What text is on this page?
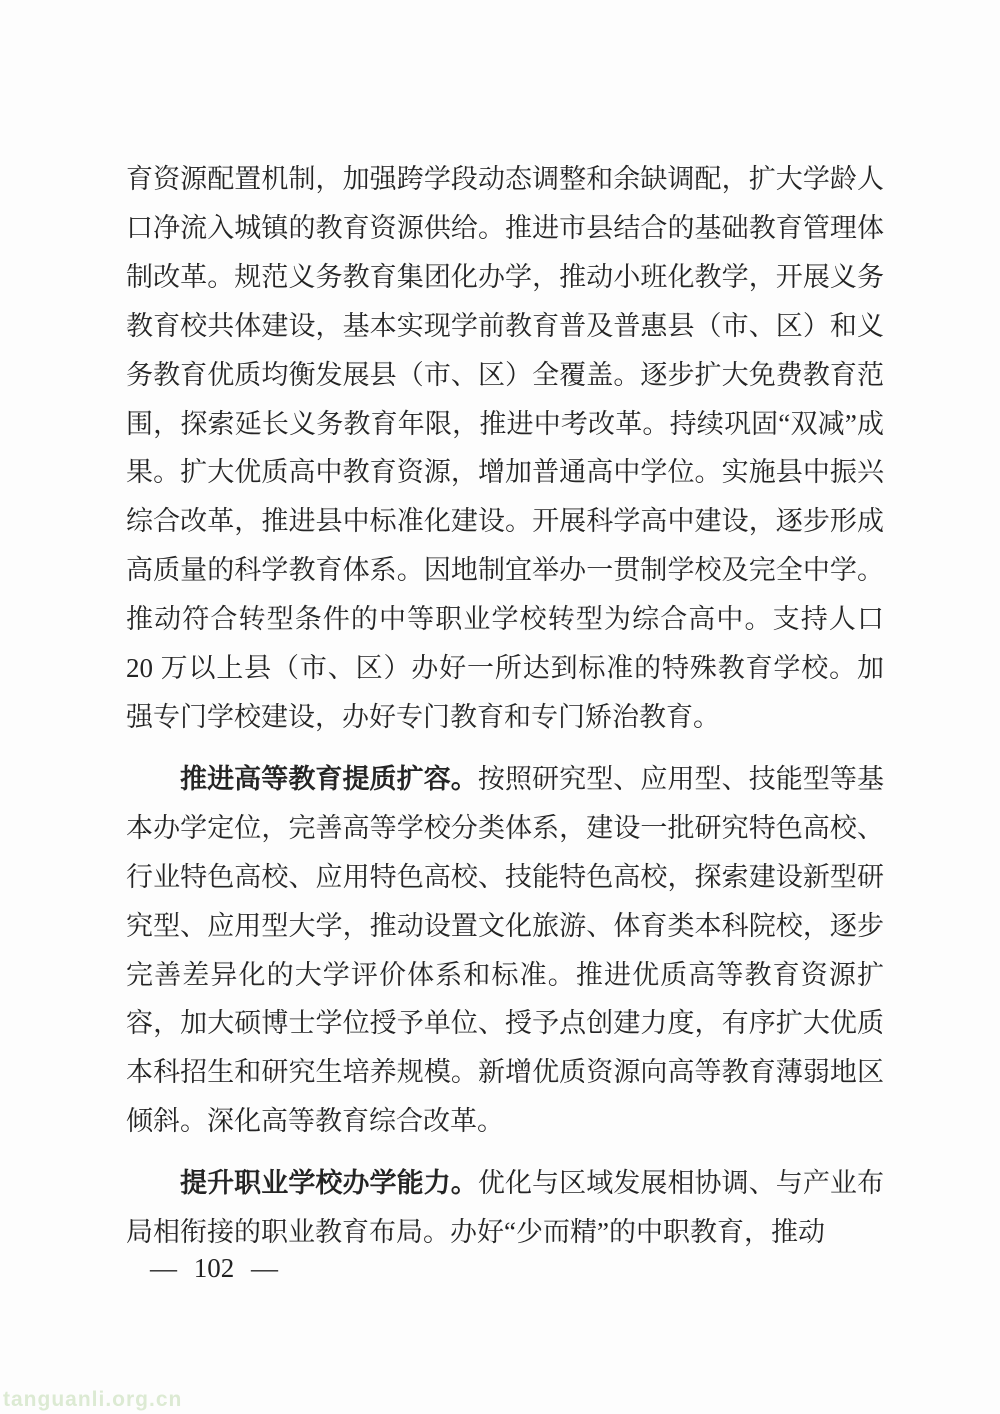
育资源配置机制，加强跨学段动态调整和余缺调配，扩大学龄人口净流入城镇的教育资源供给。推进市县结合的基础教育管理体制改革。规范义务教育集团化办学，推动小班化教学，开展义务教育校共体建设，基本实现学前教育普及普惠县（市、区）和义务教育优质均衡发展县（市、区）全覆盖。逐步扩大免费教育范围，探索延长义务教育年限，推进中考改革。持续巩固“双减”成果。扩大优质高中教育资源，增加普通高中学位。实施县中振兴综合改革，推进县中标准化建设。开展科学高中建设，逐步形成高质量的科学教育体系。因地制宜举办一贯制学校及完全中学。推动符合转型条件的中等职业学校转型为综合高中。支持人口 20 万以上县（市、区）办好一所达到标准的特殊教育学校。加强专门学校建设，办好专门教育和专门矫治教育。

推进高等教育提质扩容。按照研究型、应用型、技能型等基本办学定位，完善高等学校分类体系，建设一批研究特色高校、行业特色高校、应用特色高校、技能特色高校，探索建设新型研究型、应用型大学，推动设置文化旅游、体育类本科院校，逐步完善差异化的大学评价体系和标准。推进优质高等教育资源扩容，加大硕博士学位授予单位、授予点创建力度，有序扩大优质本科招生和研究生培养规模。新增优质资源向高等教育薄弱地区倾斜。深化高等教育综合改革。

提升职业学校办学能力。优化与区域发展相协调、与产业布局相衔接的职业教育布局。办好“少而精”的中职教育，推动

— 102 —
tanguanli.org.cn
